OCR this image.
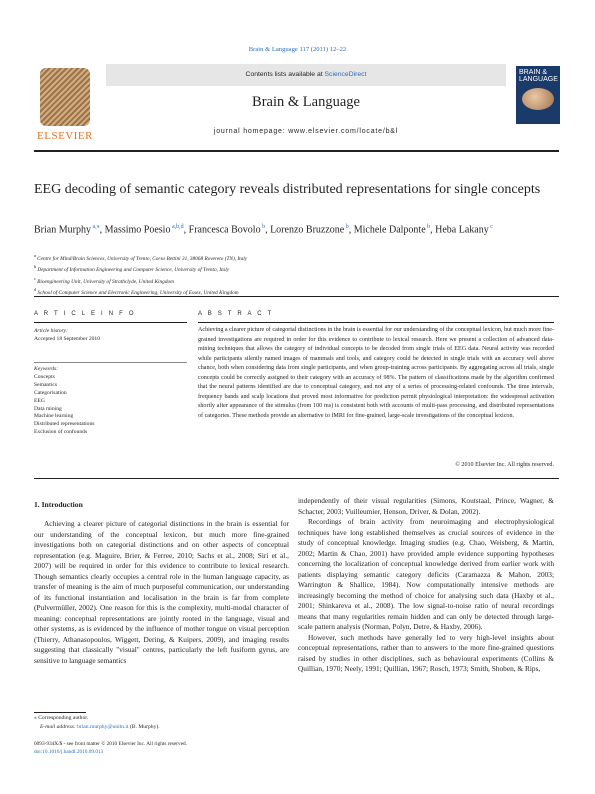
Brain & Language 117 (2011) 12–22
ELSEVIER
Contents lists available at ScienceDirect
Brain & Language
journal homepage: www.elsevier.com/locate/b&l
BRAIN & LANGUAGE
EEG decoding of semantic category reveals distributed representations for single concepts
Brian Murphy $^{a,⁎}$, Massimo Poesio $^{a,b,d}$, Francesca Bovolo $^b$, Lorenzo Bruzzone $^b$, Michele Dalponte $^b$, Heba Lakany $^c$
$^a$ Centre for Mind/Brain Sciences, University of Trento, Corso Bettini 31, 38068 Rovereto (TN), Italy
$^b$ Department of Information Engineering and Computer Science, University of Trento, Italy
$^c$ Bioengineering Unit, University of Strathclyde, United Kingdom
$^d$ School of Computer Science and Electronic Engineering, University of Essex, United Kingdom
A R T I C L E I N F O
Article history:
Accepted 18 September 2010
Keywords:
Concepts
Semantics
Categorisation
EEG
Data mining
Machine learning
Distributed representations
Exclusion of confounds
A B S T R A C T
Achieving a clearer picture of categorial distinctions in the brain is essential for our understanding of the conceptual lexicon, but much more fine-grained investigations are required in order for this evidence to contribute to lexical research. Here we present a collection of advanced data-mining techniques that allows the category of individual concepts to be decoded from single trials of EEG data. Neural activity was recorded while participants silently named images of mammals and tools, and category could be detected in single trials with an accuracy well above chance, both when considering data from single participants, and when group-training across participants. By aggregating across all trials, single concepts could be correctly assigned to their category with an accuracy of 98%. The pattern of classifications made by the algorithm confirmed that the neural patterns identified are due to conceptual category, and not any of a series of processing-related confounds. The time intervals, frequency bands and scalp locations that proved most informative for prediction permit physiological interpretation: the widespread activation shortly after appearance of the stimulus (from 100 ms) is consistent both with accounts of multi-pass processing, and distributed representations of categories. These methods provide an alternative to fMRI for fine-grained, large-scale investigations of the conceptual lexicon.
© 2010 Elsevier Inc. All rights reserved.
1. Introduction

Achieving a clearer picture of categorial distinctions in the brain is essential for our understanding of the conceptual lexicon, but much more fine-grained investigations both on categorial distinctions and on other aspects of conceptual representation (e.g. Maguire, Brier, & Ferree, 2010; Sachs et al., 2008; Siri et al., 2007) will be required in order for this evidence to contribute to lexical research. Though semantics clearly occupies a central role in the human language capacity, as transfer of meaning is the aim of much purposeful communication, our understanding of its functional instantiation and localisation in the brain is far from complete (Pulvermüller, 2002). One reason for this is the complexity, multi-modal character of meaning: conceptual representations are jointly rooted in the language, visual and other systems, as is evidenced by the influence of mother tongue on visual perception (Thierry, Athanasopoulos, Wiggett, Dering, & Kuipers, 2009), and imaging results suggesting that classically "visual" centres, particularly the left fusiform gyrus, are sensitive to language semantics

independently of their visual regularities (Simons, Koutstaal, Prince, Wagner, & Schacter, 2003; Vuilleumier, Henson, Driver, & Dolan, 2002).

Recordings of brain activity from neuroimaging and electrophysiological techniques have long established themselves as crucial sources of evidence in the study of conceptual knowledge. Imaging studies (e.g. Chao, Weisberg, & Martin, 2002; Martin & Chao, 2001) have provided ample evidence supporting hypotheses concerning the localization of conceptual knowledge derived from earlier work with patients displaying semantic category deficits (Caramazza & Mahon, 2003; Warrington & Shallice, 1984). Now computationally intensive methods are increasingly becoming the method of choice for analysing such data (Haxby et al., 2001; Shinkareva et al., 2008). The low signal-to-noise ratio of neural recordings means that many regularities remain hidden and can only be detected through large-scale pattern analysis (Norman, Polyn, Detre, & Haxby, 2006).

However, such methods have generally led to very high-level insights about conceptual representations, rather than to answers to the more fine-grained questions raised by studies in other disciplines, such as behavioural experiments (Collins & Quillian, 1970; Neely, 1991; Quillian, 1967; Rosch, 1973; Smith, Shoben, & Rips,

⁎ Corresponding author.
E-mail address: brian.murphy@unitn.it (B. Murphy).
0093-934X/$ - see front matter © 2010 Elsevier Inc. All rights reserved.
doi:10.1016/j.bandl.2010.09.013
